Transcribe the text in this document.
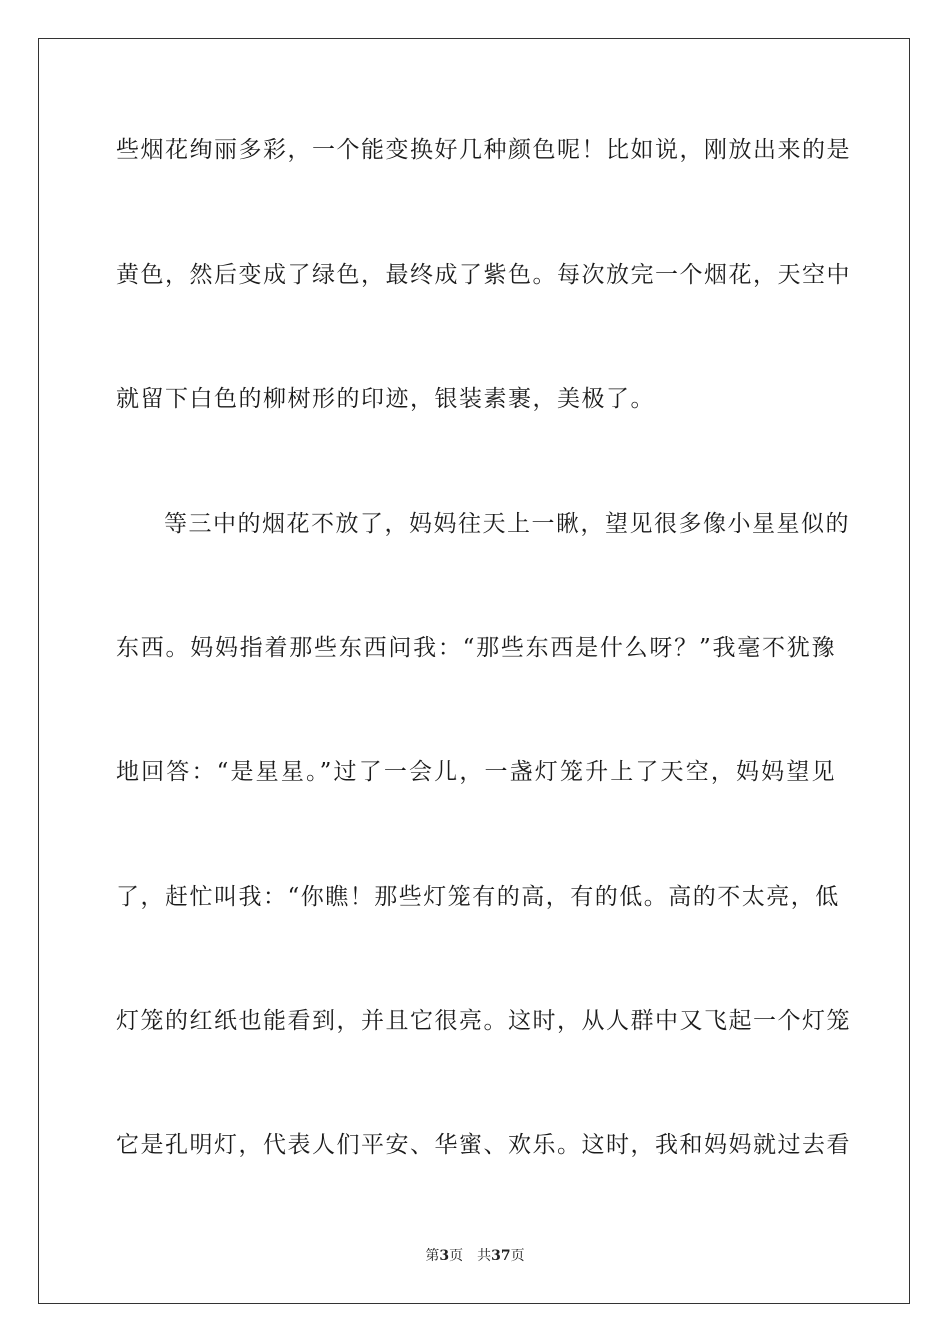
些烟花绚丽多彩，一个能变换好几种颜色呢！比如说，刚放出来的是
黄色，然后变成了绿色，最终成了紫色。每次放完一个烟花，天空中
就留下白色的柳树形的印迹，银装素裹，美极了。
等三中的烟花不放了，妈妈往天上一瞅，望见很多像小星星似的
东西。妈妈指着那些东西问我：“那些东西是什么呀？”我毫不犹豫
地回答：“是星星。”过了一会儿，一盏灯笼升上了天空，妈妈望见
了，赶忙叫我：“你瞧！那些灯笼有的高，有的低。高的不太亮，低
灯笼的红纸也能看到，并且它很亮。这时，从人群中又飞起一个灯笼
它是孔明灯，代表人们平安、华蜜、欢乐。这时，我和妈妈就过去看
第3页 共37页
